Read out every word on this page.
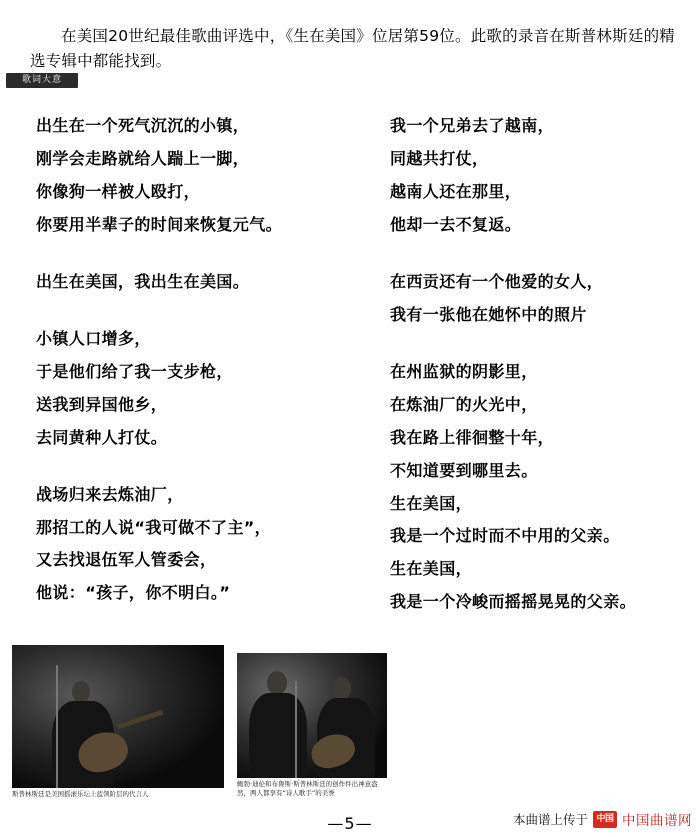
在美国20世纪最佳歌曲评选中，《生在美国》位居第59位。此歌的录音在斯普林斯廷的精选专辑中都能找到。

歌词大意
出生在一个死气沉沉的小镇，
刚学会走路就给人踹上一脚，
你像狗一样被人殴打，
你要用半辈子的时间来恢复元气。
出生在美国，我出生在美国。
小镇人口增多，
于是他们给了我一支步枪，
送我到异国他乡，
去同黄种人打仗。
战场归来去炼油厂，
那招工的人说“我可做不了主”，
又去找退伍军人管委会，
他说：“孩子，你不明白。”
我一个兄弟去了越南，
同越共打仗，
越南人还在那里，
他却一去不复返。
在西贡还有一个他爱的女人，
我有一张他在她怀中的照片
在州监狱的阴影里，
在炼油厂的火光中，
我在路上徘徊整十年，
不知道要到哪里去。
生在美国，
我是一个过时而不中用的父亲。
生在美国，
我是一个冷峻而摇摇晃晃的父亲。
斯普林斯廷是美国摇滚乐坛上蓝领阶层的代言人
鲍勃·迪伦和布鲁斯·斯普林斯廷的创作件出神意盎然，两人都享有“诗人歌手”的美誉
—5—	本曲谱上传于 中国 中国曲谱网
